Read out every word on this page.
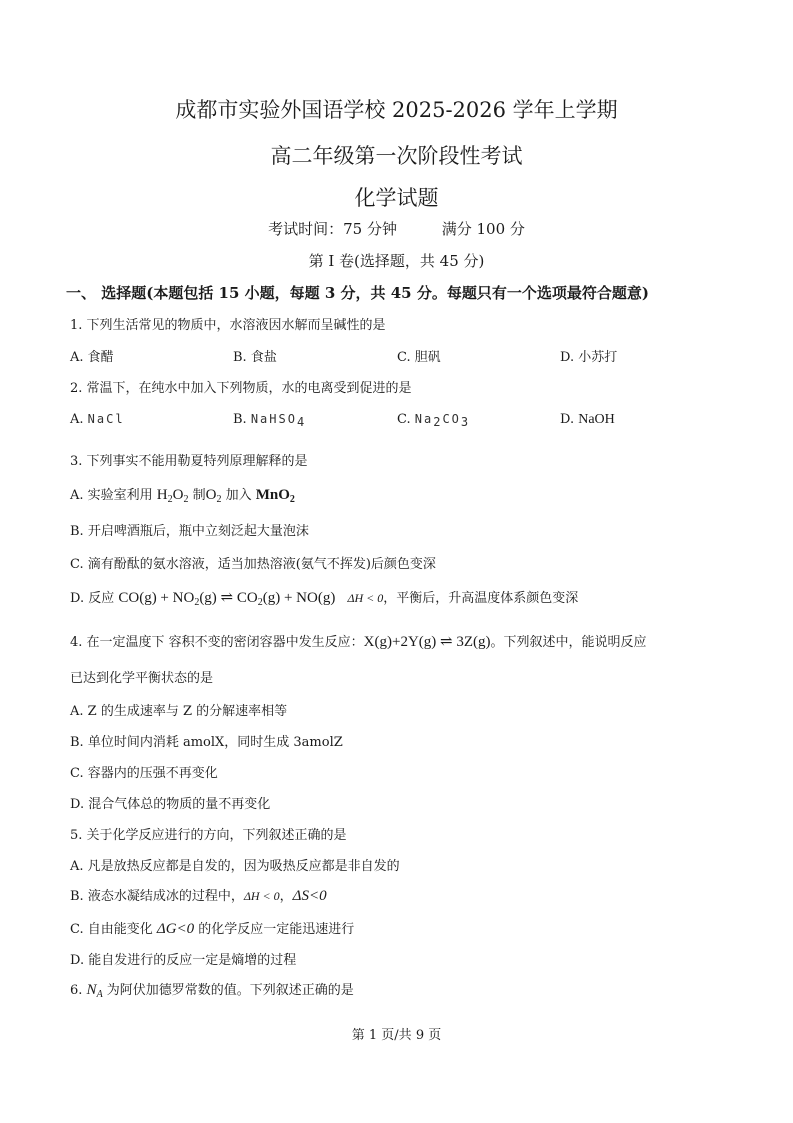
成都市实验外国语学校 2025-2026 学年上学期
高二年级第一次阶段性考试
化学试题
考试时间：75 分钟	满分 100 分
第 I 卷(选择题，共 45 分)
一、 选择题(本题包括 15 小题，每题 3 分，共 45 分。每题只有一个选项最符合题意)
1. 下列生活常见的物质中，水溶液因水解而呈碱性的是
A. 食醋	B. 食盐	C. 胆矾	D. 小苏打
2. 常温下，在纯水中加入下列物质，水的电离受到促进的是
A. NaCl	B. NaHSO$_4$	C. $Na_2CO_3$	D. NaOH
3. 下列事实不能用勒夏特列原理解释的是
A. 实验室利用 $H_2O_2$ 制$O_2$ 加入 MnO$_2$
B. 开启啤酒瓶后，瓶中立刻泛起大量泡沫
C. 滴有酚酞的氨水溶液，适当加热溶液(氨气不挥发)后颜色变深
D. 反应 $CO(g) + NO_2(g)$ ⇌ $CO_2(g) + NO(g) \Delta H < 0$，平衡后，升高温度体系颜色变深
4. 在一定温度下 容积不变的密闭容器中发生反应：X(g)+2Y(g) ⇌ 3Z(g)。下列叙述中，能说明反应
已达到化学平衡状态的是
A. Z 的生成速率与 Z 的分解速率相等
B. 单位时间内消耗 amolX，同时生成 3amolZ
C. 容器内的压强不再变化
D. 混合气体总的物质的量不再变化
5. 关于化学反应进行的方向，下列叙述正确的是
A. 凡是放热反应都是自发的，因为吸热反应都是非自发的
B. 液态水凝结成冰的过程中，ΔH < 0，ΔS<0
C. 自由能变化 ΔG<0 的化学反应一定能迅速进行
D. 能自发进行的反应一定是熵增的过程
6. $N_A$ 为阿伏加德罗常数的值。下列叙述正确的是
第 1 页/共 9 页
